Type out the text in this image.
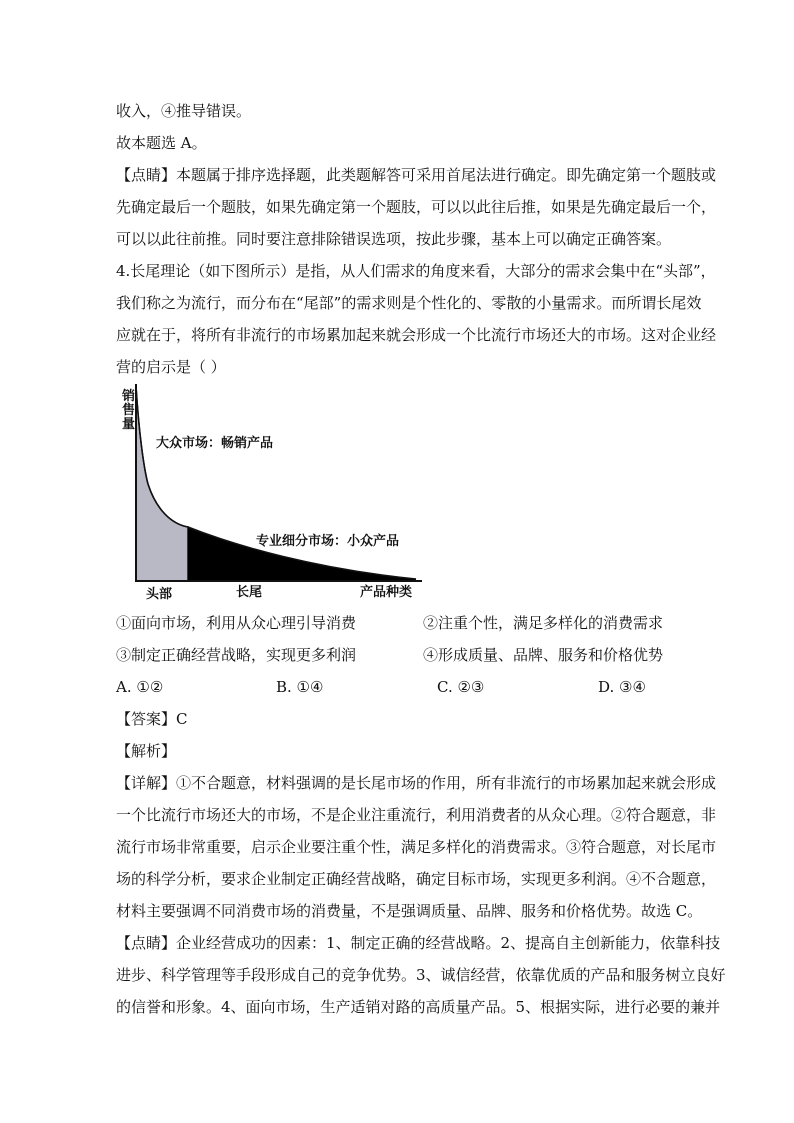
收入，④推导错误。
故本题选 A。
【点睛】本题属于排序选择题，此类题解答可采用首尾法进行确定。即先确定第一个题肢或
先确定最后一个题肢，如果先确定第一个题肢，可以以此往后推，如果是先确定最后一个，
可以以此往前推。同时要注意排除错误选项，按此步骤，基本上可以确定正确答案。
4.长尾理论（如下图所示）是指，从人们需求的角度来看，大部分的需求会集中在“头部”，
我们称之为流行，而分布在“尾部”的需求则是个性化的、零散的小量需求。而所谓长尾效
应就在于，将所有非流行的市场累加起来就会形成一个比流行市场还大的市场。这对企业经
营的启示是（ ）
销 售 量
大众市场：畅销产品
专业细分市场：小众产品
头部	长尾	产品种类
①面向市场，利用从众心理引导消费	②注重个性，满足多样化的消费需求
③制定正确经营战略，实现更多利润	④形成质量、品牌、服务和价格优势
A. ①②	B. ①④	C. ②③	D. ③④
【答案】C
【解析】
【详解】①不合题意，材料强调的是长尾市场的作用，所有非流行的市场累加起来就会形成
一个比流行市场还大的市场，不是企业注重流行，利用消费者的从众心理。②符合题意，非
流行市场非常重要，启示企业要注重个性，满足多样化的消费需求。③符合题意，对长尾市
场的科学分析，要求企业制定正确经营战略，确定目标市场，实现更多利润。④不合题意，
材料主要强调不同消费市场的消费量，不是强调质量、品牌、服务和价格优势。故选 C。
【点睛】企业经营成功的因素：1、制定正确的经营战略。2、提高自主创新能力，依靠科技
进步、科学管理等手段形成自己的竞争优势。3、诚信经营，依靠优质的产品和服务树立良好
的信誉和形象。4、面向市场，生产适销对路的高质量产品。5、根据实际，进行必要的兼并
